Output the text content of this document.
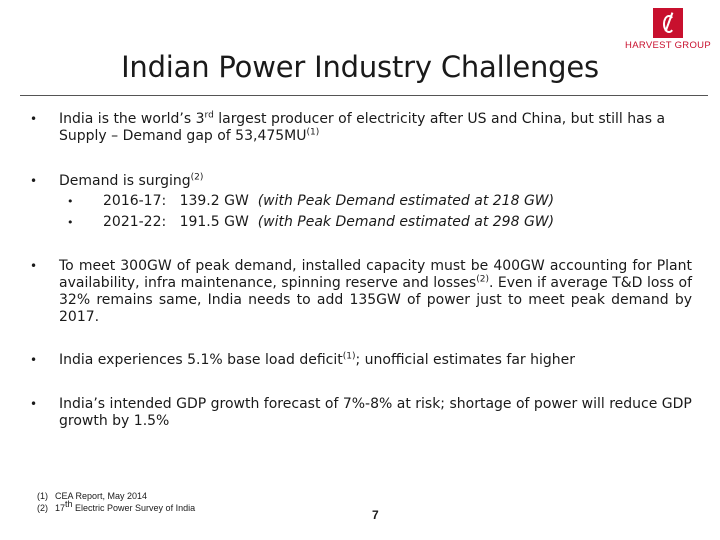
HARVEST GROUP
Indian Power Industry Challenges
• India is the world’s 3rd largest producer of electricity after US and China, but still has a Supply – Demand gap of 53,475MU$^{(1)}$
• Demand is surging$^{(2)}$
• 2016-17:   139.2 GW  (with Peak Demand estimated at 218 GW)
• 2021-22:   191.5 GW  (with Peak Demand estimated at 298 GW)
• To meet 300GW of peak demand, installed capacity must be 400GW accounting for Plant availability, infra maintenance, spinning reserve and losses$^{(2)}$. Even if average T&D loss of 32% remains same, India needs to add 135GW of power just to meet peak demand by 2017.
• India experiences 5.1% base load deficit$^{(1)}$; unofficial estimates far higher
• India’s intended GDP growth forecast of 7%-8% at risk; shortage of power will reduce GDP growth by 1.5%
(1) CEA Report, May 2014
(2) 17th Electric Power Survey of India	7
